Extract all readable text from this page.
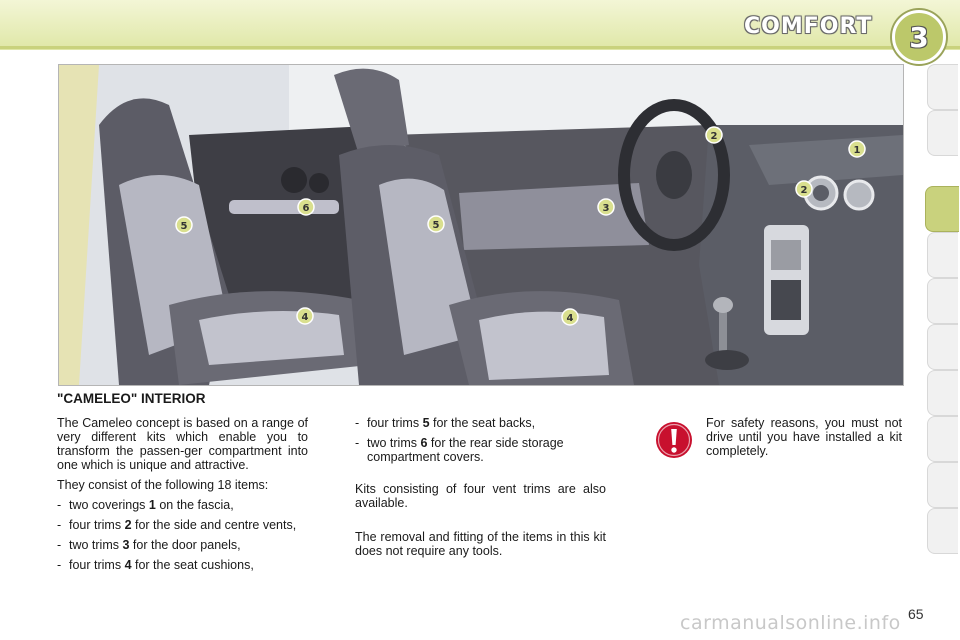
COMFORT 3
1
2
2
3
4	4
5	5
6
"CAMELEO" INTERIOR

The Cameleo concept is based on a range of very different kits which enable you to transform the passen-ger compartment into one which is unique and attractive.

They consist of the following 18 items:

- two coverings 1 on the fascia,

- four trims 2 for the side and centre vents,

- two trims 3 for the door panels,

- four trims 4 for the seat cushions,

- four trims 5 for the seat backs,

- two trims 6 for the rear side storage compartment covers.

Kits consisting of four vent trims are also available.

The removal and fitting of the items in this kit does not require any tools.

For safety reasons, you must not drive until you have installed a kit completely.
carmanualsonline.info 65
